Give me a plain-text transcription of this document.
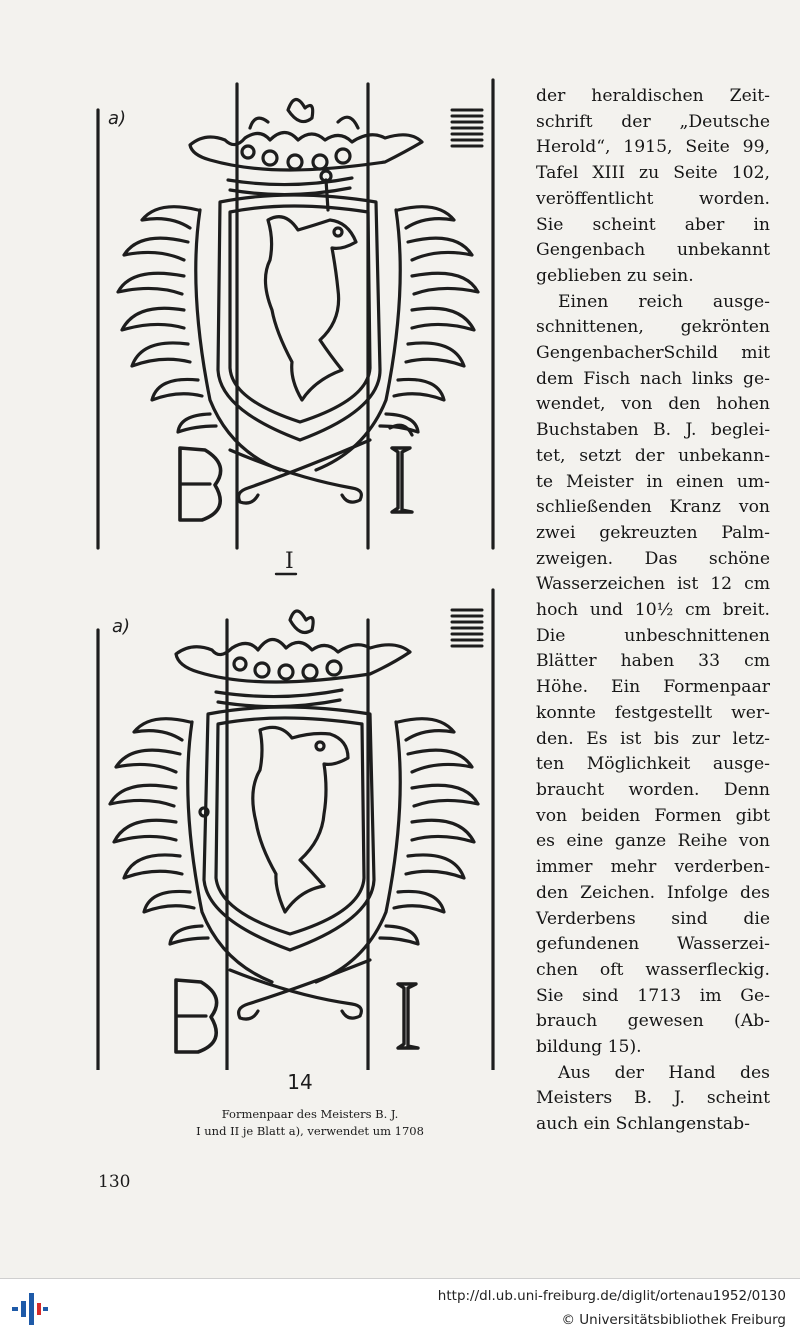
I
a)
a)
14
Formenpaar des Meisters B. J.
I und II je Blatt a), verwendet um 1708
der heraldischen Zeit-
schrift der „Deutsche
Herold“, 1915, Seite 99,
Tafel XIII zu Seite 102,
veröffentlicht worden.
Sie scheint aber in
Gengenbach unbekannt
geblieben zu sein.
Einen reich ausge-
schnittenen, gekrönten
GengenbacherSchild mit
dem Fisch nach links ge-
wendet, von den hohen
Buchstaben B. J. beglei-
tet, setzt der unbekann-
te Meister in einen um-
schließenden Kranz von
zwei gekreuzten Palm-
zweigen. Das schöne
Wasserzeichen ist 12 cm
hoch und 10½ cm breit.
Die unbeschnittenen
Blätter haben 33 cm
Höhe. Ein Formenpaar
konnte festgestellt wer-
den. Es ist bis zur letz-
ten Möglichkeit ausge-
braucht worden. Denn
von beiden Formen gibt
es eine ganze Reihe von
immer mehr verderben-
den Zeichen. Infolge des
Verderbens sind die
gefundenen Wasserzei-
chen oft wasserfleckig.
Sie sind 1713 im Ge-
brauch gewesen (Ab-
bildung 15).
Aus der Hand des
Meisters B. J. scheint
auch ein Schlangenstab-
130
http://dl.ub.uni-freiburg.de/diglit/ortenau1952/0130
© Universitätsbibliothek Freiburg
